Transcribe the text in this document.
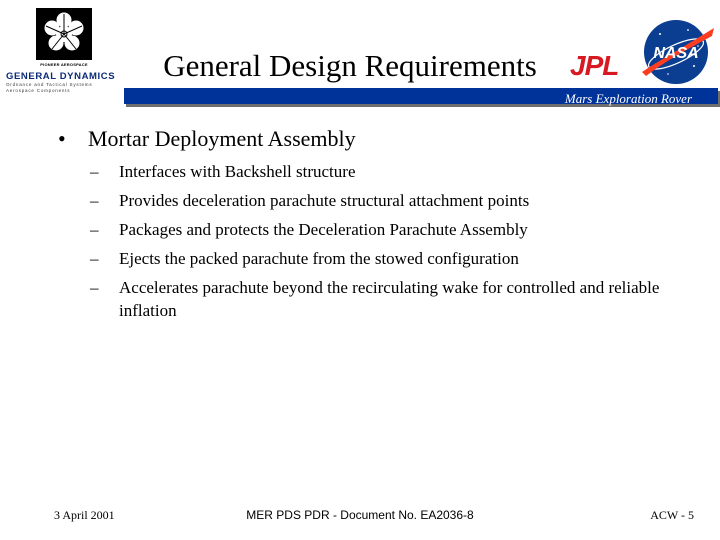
PIONEER AEROSPACE
GENERAL DYNAMICS
Ordnance and Tactical Systems
Aerospace Components
General Design Requirements	JPL NASA
Mars Exploration Rover
• Mortar Deployment Assembly
–	Interfaces with Backshell structure
–	Provides deceleration parachute structural attachment points
–	Packages and protects the Deceleration Parachute Assembly
–	Ejects the packed parachute from the stowed configuration
–	Accelerates parachute beyond the recirculating wake for controlled and reliable inflation
3 April 2001	MER PDS PDR - Document No. EA2036-8	ACW - 5
